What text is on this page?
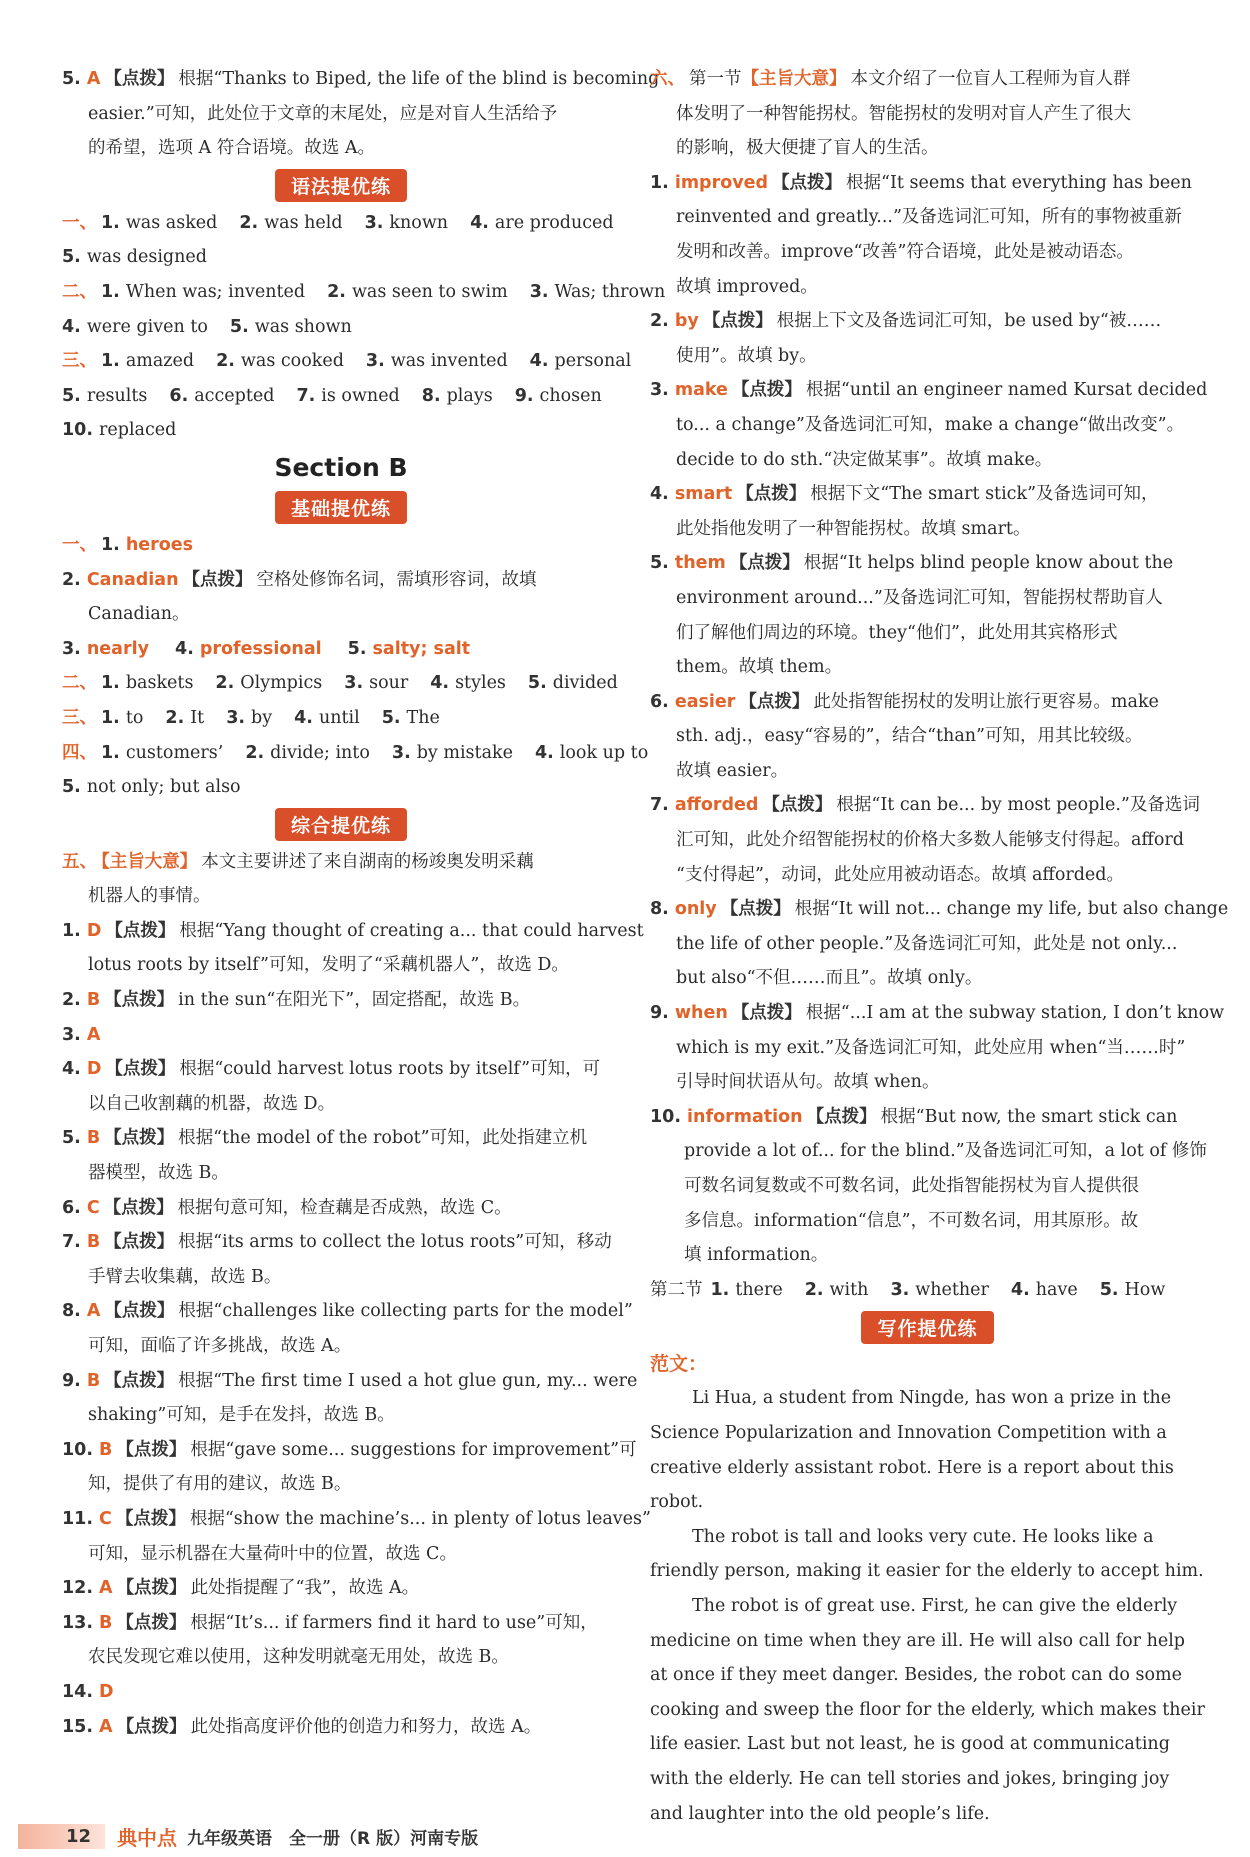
5. A 【点拨】 根据“Thanks to Biped, the life of the blind is becoming
easier.”可知，此处位于文章的末尾处，应是对盲人生活给予
的希望，选项 A 符合语境。故选 A。
语法提优练
一、 1. was asked 2. was held 3. known 4. are produced
5. was designed
二、 1. When was; invented 2. was seen to swim 3. Was; thrown
4. were given to 5. was shown
三、 1. amazed 2. was cooked 3. was invented 4. personal
5. results 6. accepted 7. is owned 8. plays 9. chosen
10. replaced
Section B
基础提优练
一、 1. heroes
2. Canadian 【点拨】 空格处修饰名词，需填形容词，故填
Canadian。
3. nearly 4. professional 5. salty; salt
二、 1. baskets 2. Olympics 3. sour 4. styles 5. divided
三、 1. to 2. It 3. by 4. until 5. The
四、 1. customers’ 2. divide; into 3. by mistake 4. look up to
5. not only; but also
综合提优练
五、 【主旨大意】 本文主要讲述了来自湖南的杨竣奥发明采藕
机器人的事情。
1. D 【点拨】 根据“Yang thought of creating a... that could harvest
lotus roots by itself”可知，发明了“采藕机器人”，故选 D。
2. B 【点拨】 in the sun“在阳光下”，固定搭配，故选 B。
3. A
4. D 【点拨】 根据“could harvest lotus roots by itself”可知，可
以自己收割藕的机器，故选 D。
5. B 【点拨】 根据“the model of the robot”可知，此处指建立机
器模型，故选 B。
6. C 【点拨】 根据句意可知，检查藕是否成熟，故选 C。
7. B 【点拨】 根据“its arms to collect the lotus roots”可知，移动
手臂去收集藕，故选 B。
8. A 【点拨】 根据“challenges like collecting parts for the model”
可知，面临了许多挑战，故选 A。
9. B 【点拨】 根据“The first time I used a hot glue gun, my... were
shaking”可知，是手在发抖，故选 B。
10. B 【点拨】 根据“gave some... suggestions for improvement”可
知，提供了有用的建议，故选 B。
11. C 【点拨】 根据“show the machine’s... in plenty of lotus leaves”
可知，显示机器在大量荷叶中的位置，故选 C。
12. A 【点拨】 此处指提醒了“我”，故选 A。
13. B 【点拨】 根据“It’s... if farmers find it hard to use”可知，
农民发现它难以使用，这种发明就毫无用处，故选 B。
14. D
15. A 【点拨】 此处指高度评价他的创造力和努力，故选 A。
六、 第一节【主旨大意】 本文介绍了一位盲人工程师为盲人群
体发明了一种智能拐杖。智能拐杖的发明对盲人产生了很大
的影响，极大便捷了盲人的生活。
1. improved 【点拨】 根据“It seems that everything has been
reinvented and greatly...”及备选词汇可知，所有的事物被重新
发明和改善。improve“改善”符合语境，此处是被动语态。
故填 improved。
2. by 【点拨】 根据上下文及备选词汇可知，be used by“被……
使用”。故填 by。
3. make 【点拨】 根据“until an engineer named Kursat decided
to... a change”及备选词汇可知，make a change“做出改变”。
decide to do sth.“决定做某事”。故填 make。
4. smart 【点拨】 根据下文“The smart stick”及备选词可知，
此处指他发明了一种智能拐杖。故填 smart。
5. them 【点拨】 根据“It helps blind people know about the
environment around...”及备选词汇可知，智能拐杖帮助盲人
们了解他们周边的环境。they“他们”，此处用其宾格形式
them。故填 them。
6. easier 【点拨】 此处指智能拐杖的发明让旅行更容易。make
sth. adj.，easy“容易的”，结合“than”可知，用其比较级。
故填 easier。
7. afforded 【点拨】 根据“It can be... by most people.”及备选词
汇可知，此处介绍智能拐杖的价格大多数人能够支付得起。afford
“支付得起”，动词，此处应用被动语态。故填 afforded。
8. only 【点拨】 根据“It will not... change my life, but also change
the life of other people.”及备选词汇可知，此处是 not only...
but also“不但……而且”。故填 only。
9. when 【点拨】 根据“...I am at the subway station, I don’t know
which is my exit.”及备选词汇可知，此处应用 when“当……时”
引导时间状语从句。故填 when。
10. information 【点拨】 根据“But now, the smart stick can
provide a lot of... for the blind.”及备选词汇可知，a lot of 修饰
可数名词复数或不可数名词，此处指智能拐杖为盲人提供很
多信息。information“信息”，不可数名词，用其原形。故
填 information。
第二节 1. there 2. with 3. whether 4. have 5. How
写作提优练
范文：
Li Hua, a student from Ningde, has won a prize in the Science Popularization and Innovation Competition with a creative elderly assistant robot. Here is a report about this robot.
The robot is tall and looks very cute. He looks like a friendly person, making it easier for the elderly to accept him.
The robot is of great use. First, he can give the elderly medicine on time when they are ill. He will also call for help at once if they meet danger. Besides, the robot can do some cooking and sweep the floor for the elderly, which makes their life easier. Last but not least, he is good at communicating with the elderly. He can tell stories and jokes, bringing joy and laughter into the old people’s life.
12	典中点 九年级英语　全一册（R 版）河南专版
